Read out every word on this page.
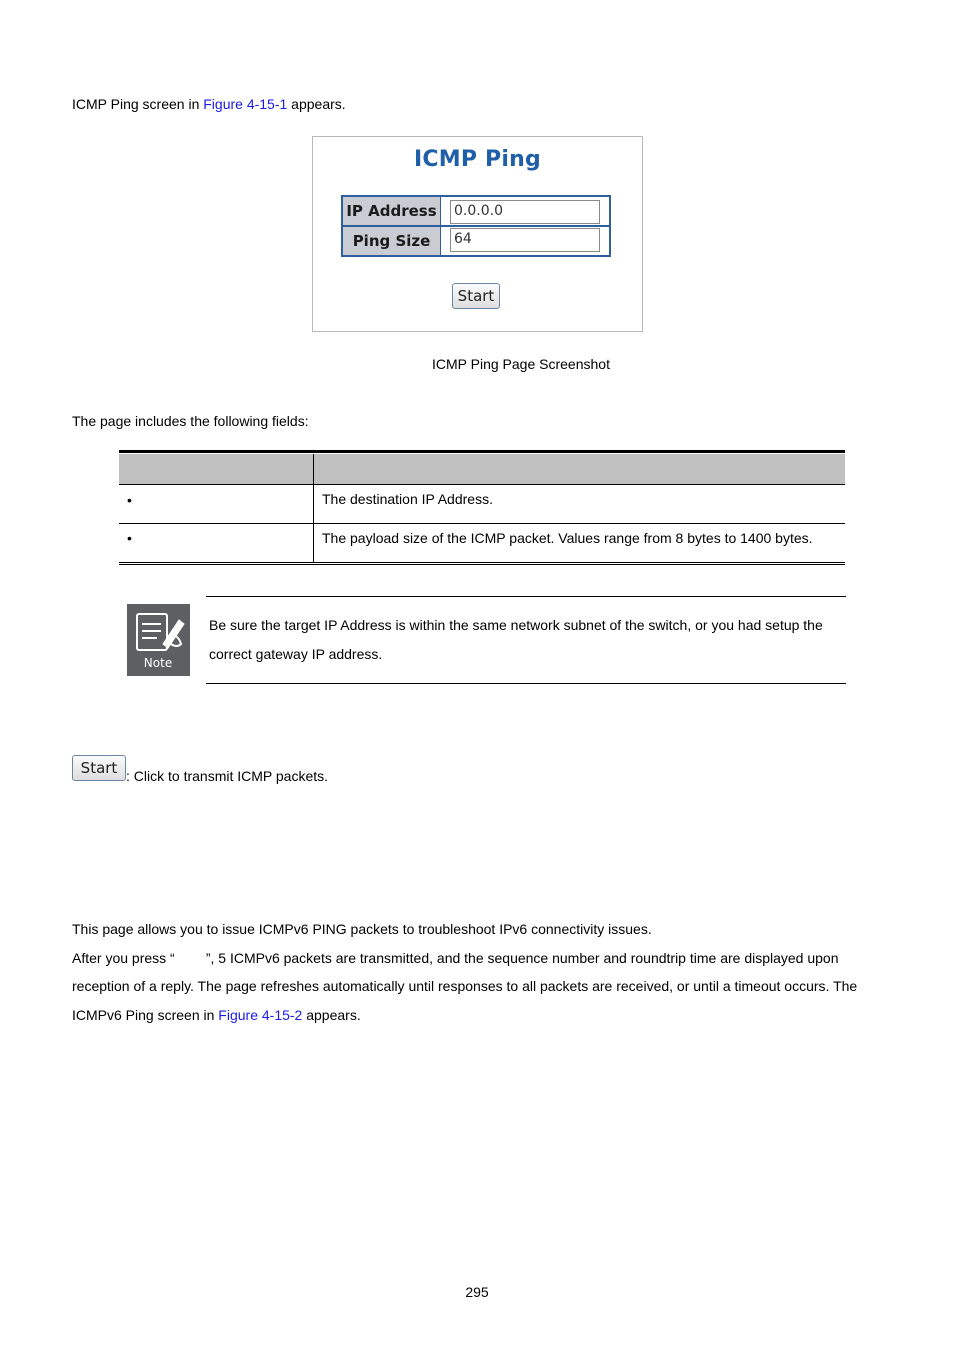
ICMP Ping screen in Figure 4-15-1 appears.
ICMP Ping
IP Address	0.0.0.0
Ping Size	64
Start
ICMP Ping Page Screenshot
The page includes the following fields:
•	The destination IP Address.
•	The payload size of the ICMP packet. Values range from 8 bytes to 1400 bytes.
Note
Be sure the target IP Address is within the same network subnet of the switch, or you had setup the
correct gateway IP address.
Start : Click to transmit ICMP packets.
This page allows you to issue ICMPv6 PING packets to troubleshoot IPv6 connectivity issues.
After you press “        ”, 5 ICMPv6 packets are transmitted, and the sequence number and roundtrip time are displayed upon
reception of a reply. The page refreshes automatically until responses to all packets are received, or until a timeout occurs. The
ICMPv6 Ping screen in Figure 4-15-2 appears.
295
